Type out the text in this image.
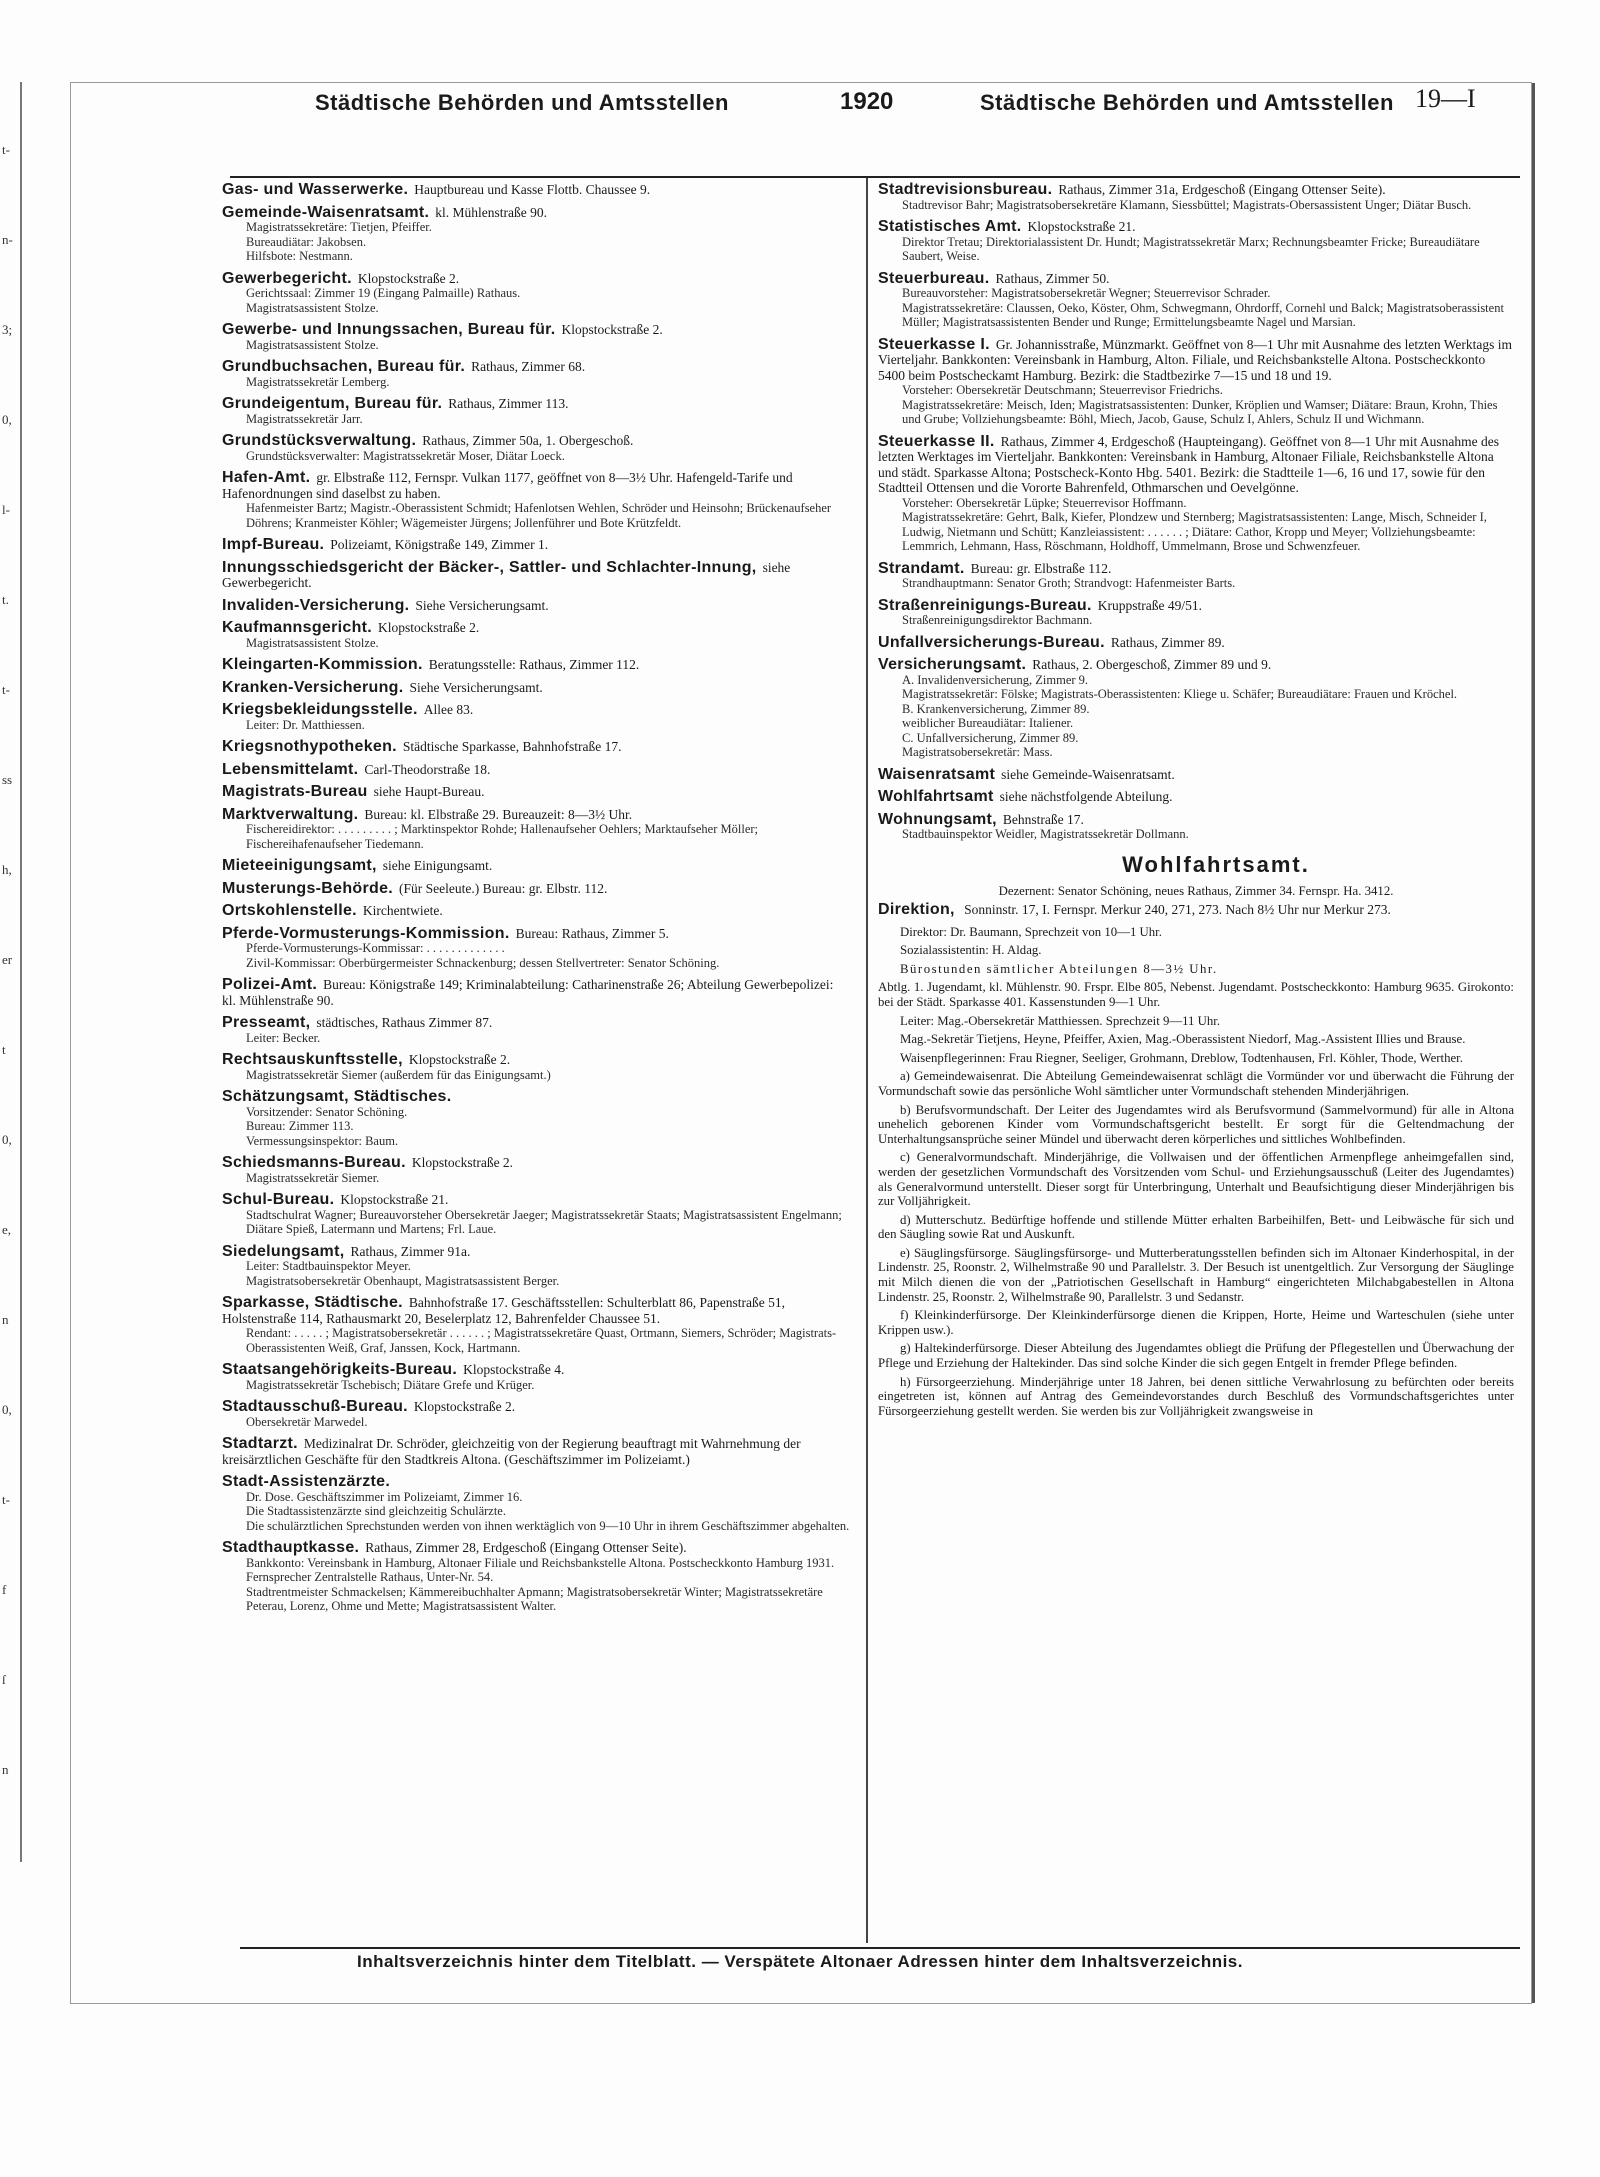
t-
n-
3;
0,
l-
t.
t-
ss
h,
er
t
0,
e,
n
0,
t-
f
ſ
n
Städtische Behörden und Amtsstellen	1920	Städtische Behörden und Amtsstellen 19—I
Gas- und Wasserwerke. Hauptbureau und Kasse Flottb. Chaussee 9.
Gemeinde-Waisenratsamt. kl. Mühlenstraße 90.
Magistratssekretäre: Tietjen, Pfeiffer.
Bureaudiätar: Jakobsen.
Hilfsbote: Nestmann.
Gewerbegericht. Klopstockstraße 2.
Gerichtssaal: Zimmer 19 (Eingang Palmaille) Rathaus.
Magistratsassistent Stolze.
Gewerbe- und Innungssachen, Bureau für. Klopstockstraße 2.
Magistratsassistent Stolze.
Grundbuchsachen, Bureau für. Rathaus, Zimmer 68.
Magistratssekretär Lemberg.
Grundeigentum, Bureau für. Rathaus, Zimmer 113.
Magistratssekretär Jarr.
Grundstücksverwaltung. Rathaus, Zimmer 50a, 1. Obergeschoß.
Grundstücksverwalter: Magistratssekretär Moser, Diätar Loeck.
Hafen-Amt. gr. Elbstraße 112, Fernspr. Vulkan 1177, geöffnet von 8—3½ Uhr. Hafengeld-Tarife und Hafenordnungen sind daselbst zu haben.
Hafenmeister Bartz; Magistr.-Oberassistent Schmidt; Hafenlotsen Wehlen, Schröder und Heinsohn; Brückenaufseher Döhrens; Kranmeister Köhler; Wägemeister Jürgens; Jollenführer und Bote Krützfeldt.
Impf-Bureau. Polizeiamt, Königstraße 149, Zimmer 1.
Innungsschiedsgericht der Bäcker-, Sattler- und Schlachter-Innung, siehe Gewerbegericht.
Invaliden-Versicherung. Siehe Versicherungsamt.
Kaufmannsgericht. Klopstockstraße 2.
Magistratsassistent Stolze.
Kleingarten-Kommission. Beratungsstelle: Rathaus, Zimmer 112.
Kranken-Versicherung. Siehe Versicherungsamt.
Kriegsbekleidungsstelle. Allee 83.
Leiter: Dr. Matthiessen.
Kriegsnothypotheken. Städtische Sparkasse, Bahnhofstraße 17.
Lebensmittelamt. Carl-Theodorstraße 18.
Magistrats-Bureau siehe Haupt-Bureau.
Marktverwaltung. Bureau: kl. Elbstraße 29. Bureauzeit: 8—3½ Uhr.
Fischereidirektor: . . . . . . . . . ; Marktinspektor Rohde; Hallenaufseher Oehlers; Marktaufseher Möller; Fischereihafenaufseher Tiedemann.
Mieteeinigungsamt, siehe Einigungsamt.
Musterungs-Behörde. (Für Seeleute.) Bureau: gr. Elbstr. 112.
Ortskohlenstelle. Kirchentwiete.
Pferde-Vormusterungs-Kommission. Bureau: Rathaus, Zimmer 5.
Pferde-Vormusterungs-Kommissar: . . . . . . . . . . . . .
Zivil-Kommissar: Oberbürgermeister Schnackenburg; dessen Stellvertreter: Senator Schöning.
Polizei-Amt. Bureau: Königstraße 149; Kriminalabteilung: Catharinenstraße 26; Abteilung Gewerbepolizei: kl. Mühlenstraße 90.
Presseamt, städtisches, Rathaus Zimmer 87.
Leiter: Becker.
Rechtsauskunftsstelle, Klopstockstraße 2.
Magistratssekretär Siemer (außerdem für das Einigungsamt.)
Schätzungsamt, Städtisches.
Vorsitzender: Senator Schöning.
Bureau: Zimmer 113.
Vermessungsinspektor: Baum.
Schiedsmanns-Bureau. Klopstockstraße 2.
Magistratssekretär Siemer.
Schul-Bureau. Klopstockstraße 21.
Stadtschulrat Wagner; Bureauvorsteher Obersekretär Jaeger; Magistratssekretär Staats; Magistratsassistent Engelmann; Diätare Spieß, Latermann und Martens; Frl. Laue.
Siedelungsamt, Rathaus, Zimmer 91a.
Leiter: Stadtbauinspektor Meyer.
Magistratsobersekretär Obenhaupt, Magistratsassistent Berger.
Sparkasse, Städtische. Bahnhofstraße 17. Geschäftsstellen: Schulterblatt 86, Papenstraße 51, Holstenstraße 114, Rathausmarkt 20, Beselerplatz 12, Bahrenfelder Chaussee 51.
Rendant: . . . . . ; Magistratsobersekretär . . . . . . ; Magistratssekretäre Quast, Ortmann, Siemers, Schröder; Magistrats-Oberassistenten Weiß, Graf, Janssen, Kock, Hartmann.
Staatsangehörigkeits-Bureau. Klopstockstraße 4.
Magistratssekretär Tschebisch; Diätare Grefe und Krüger.
Stadtausschuß-Bureau. Klopstockstraße 2.
Obersekretär Marwedel.
Stadtarzt. Medizinalrat Dr. Schröder, gleichzeitig von der Regierung beauftragt mit Wahrnehmung der kreisärztlichen Geschäfte für den Stadtkreis Altona. (Geschäftszimmer im Polizeiamt.)
Stadt-Assistenzärzte.
Dr. Dose. Geschäftszimmer im Polizeiamt, Zimmer 16.
Die Stadtassistenzärzte sind gleichzeitig Schulärzte.
Die schulärztlichen Sprechstunden werden von ihnen werktäglich von 9—10 Uhr in ihrem Geschäftszimmer abgehalten.
Stadthauptkasse. Rathaus, Zimmer 28, Erdgeschoß (Eingang Ottenser Seite).
Bankkonto: Vereinsbank in Hamburg, Altonaer Filiale und Reichsbankstelle Altona. Postscheckkonto Hamburg 1931. Fernsprecher Zentralstelle Rathaus, Unter-Nr. 54.
Stadtrentmeister Schmackelsen; Kämmereibuchhalter Apmann; Magistratsobersekretär Winter; Magistratssekretäre Peterau, Lorenz, Ohme und Mette; Magistratsassistent Walter.
Stadtrevisionsbureau. Rathaus, Zimmer 31a, Erdgeschoß (Eingang Ottenser Seite).
Stadtrevisor Bahr; Magistratsobersekretäre Klamann, Siessbüttel; Magistrats-Obersassistent Unger; Diätar Busch.
Statistisches Amt. Klopstockstraße 21.
Direktor Tretau; Direktorialassistent Dr. Hundt; Magistratssekretär Marx; Rechnungsbeamter Fricke; Bureaudiätare Saubert, Weise.
Steuerbureau. Rathaus, Zimmer 50.
Bureauvorsteher: Magistratsobersekretär Wegner; Steuerrevisor Schrader.
Magistratssekretäre: Claussen, Oeko, Köster, Ohm, Schwegmann, Ohrdorff, Cornehl und Balck; Magistratsoberassistent Müller; Magistratsassistenten Bender und Runge; Ermittelungsbeamte Nagel und Marsian.
Steuerkasse I. Gr. Johannisstraße, Münzmarkt. Geöffnet von 8—1 Uhr mit Ausnahme des letzten Werktags im Vierteljahr. Bankkonten: Vereinsbank in Hamburg, Alton. Filiale, und Reichsbankstelle Altona. Postscheckkonto 5400 beim Postscheckamt Hamburg. Bezirk: die Stadtbezirke 7—15 und 18 und 19.
Vorsteher: Obersekretär Deutschmann; Steuerrevisor Friedrichs.
Magistratssekretäre: Meisch, Iden; Magistratsassistenten: Dunker, Kröplien und Wamser; Diätare: Braun, Krohn, Thies und Grube; Vollziehungsbeamte: Böhl, Miech, Jacob, Gause, Schulz I, Ahlers, Schulz II und Wichmann.
Steuerkasse II. Rathaus, Zimmer 4, Erdgeschoß (Haupteingang). Geöffnet von 8—1 Uhr mit Ausnahme des letzten Werktages im Vierteljahr. Bankkonten: Vereinsbank in Hamburg, Altonaer Filiale, Reichsbankstelle Altona und städt. Sparkasse Altona; Postscheck-Konto Hbg. 5401. Bezirk: die Stadtteile 1—6, 16 und 17, sowie für den Stadtteil Ottensen und die Vororte Bahrenfeld, Othmarschen und Oevelgönne.
Vorsteher: Obersekretär Lüpke; Steuerrevisor Hoffmann.
Magistratssekretäre: Gehrt, Balk, Kiefer, Plondzew und Sternberg; Magistratsassistenten: Lange, Misch, Schneider I, Ludwig, Nietmann und Schütt; Kanzleiassistent: . . . . . . ; Diätare: Cathor, Kropp und Meyer; Vollziehungsbeamte: Lemmrich, Lehmann, Hass, Röschmann, Holdhoff, Ummelmann, Brose und Schwenzfeuer.
Strandamt. Bureau: gr. Elbstraße 112.
Strandhauptmann: Senator Groth; Strandvogt: Hafenmeister Barts.
Straßenreinigungs-Bureau. Kruppstraße 49/51.
Straßenreinigungsdirektor Bachmann.
Unfallversicherungs-Bureau. Rathaus, Zimmer 89.
Versicherungsamt. Rathaus, 2. Obergeschoß, Zimmer 89 und 9.
A. Invalidenversicherung, Zimmer 9.
Magistratssekretär: Fölske; Magistrats-Oberassistenten: Kliege u. Schäfer; Bureaudiätare: Frauen und Kröchel.
B. Krankenversicherung, Zimmer 89.
weiblicher Bureaudiätar: Italiener.
C. Unfallversicherung, Zimmer 89.
Magistratsobersekretär: Mass.
Waisenratsamt siehe Gemeinde-Waisenratsamt.
Wohlfahrtsamt siehe nächstfolgende Abteilung.
Wohnungsamt, Behnstraße 17.
Stadtbauinspektor Weidler, Magistratssekretär Dollmann.
Wohlfahrtsamt.
Dezernent: Senator Schöning, neues Rathaus, Zimmer 34. Fernspr. Ha. 3412.
Direktion, Sonninstr. 17, I. Fernspr. Merkur 240, 271, 273. Nach 8½ Uhr nur Merkur 273.
Direktor: Dr. Baumann, Sprechzeit von 10—1 Uhr.
Sozialassistentin: H. Aldag.
Bürostunden sämtlicher Abteilungen 8—3½ Uhr.
Abtlg. 1. Jugendamt, kl. Mühlenstr. 90. Frspr. Elbe 805, Nebenst. Jugendamt. Postscheckkonto: Hamburg 9635. Girokonto: bei der Städt. Sparkasse 401. Kassenstunden 9—1 Uhr.
Leiter: Mag.-Obersekretär Matthiessen. Sprechzeit 9—11 Uhr.
Mag.-Sekretär Tietjens, Heyne, Pfeiffer, Axien, Mag.-Oberassistent Niedorf, Mag.-Assistent Illies und Brause.
Waisenpflegerinnen: Frau Riegner, Seeliger, Grohmann, Dreblow, Todtenhausen, Frl. Köhler, Thode, Werther.
a) Gemeindewaisenrat. Die Abteilung Gemeindewaisenrat schlägt die Vormünder vor und überwacht die Führung der Vormundschaft sowie das persönliche Wohl sämtlicher unter Vormundschaft stehenden Minderjährigen.
b) Berufsvormundschaft. Der Leiter des Jugendamtes wird als Berufsvormund (Sammelvormund) für alle in Altona unehelich geborenen Kinder vom Vormundschaftsgericht bestellt. Er sorgt für die Geltendmachung der Unterhaltungsansprüche seiner Mündel und überwacht deren körperliches und sittliches Wohlbefinden.
c) Generalvormundschaft. Minderjährige, die Vollwaisen und der öffentlichen Armenpflege anheimgefallen sind, werden der gesetzlichen Vormundschaft des Vorsitzenden vom Schul- und Erziehungsausschuß (Leiter des Jugendamtes) als Generalvormund unterstellt. Dieser sorgt für Unterbringung, Unterhalt und Beaufsichtigung dieser Minderjährigen bis zur Volljährigkeit.
d) Mutterschutz. Bedürftige hoffende und stillende Mütter erhalten Barbeihilfen, Bett- und Leibwäsche für sich und den Säugling sowie Rat und Auskunft.
e) Säuglingsfürsorge. Säuglingsfürsorge- und Mutterberatungsstellen befinden sich im Altonaer Kinderhospital, in der Lindenstr. 25, Roonstr. 2, Wilhelmstraße 90 und Parallelstr. 3. Der Besuch ist unentgeltlich. Zur Versorgung der Säuglinge mit Milch dienen die von der „Patriotischen Gesellschaft in Hamburg“ eingerichteten Milchabgabestellen in Altona Lindenstr. 25, Roonstr. 2, Wilhelmstraße 90, Parallelstr. 3 und Sedanstr.
f) Kleinkinderfürsorge. Der Kleinkinderfürsorge dienen die Krippen, Horte, Heime und Warteschulen (siehe unter Krippen usw.).
g) Haltekinderfürsorge. Dieser Abteilung des Jugendamtes obliegt die Prüfung der Pflegestellen und Überwachung der Pflege und Erziehung der Haltekinder. Das sind solche Kinder die sich gegen Entgelt in fremder Pflege befinden.
h) Fürsorgeerziehung. Minderjährige unter 18 Jahren, bei denen sittliche Verwahrlosung zu befürchten oder bereits eingetreten ist, können auf Antrag des Gemeindevorstandes durch Beschluß des Vormundschaftsgerichtes unter Fürsorgeerziehung gestellt werden. Sie werden bis zur Volljährigkeit zwangsweise in
Inhaltsverzeichnis hinter dem Titelblatt. — Verspätete Altonaer Adressen hinter dem Inhaltsverzeichnis.
